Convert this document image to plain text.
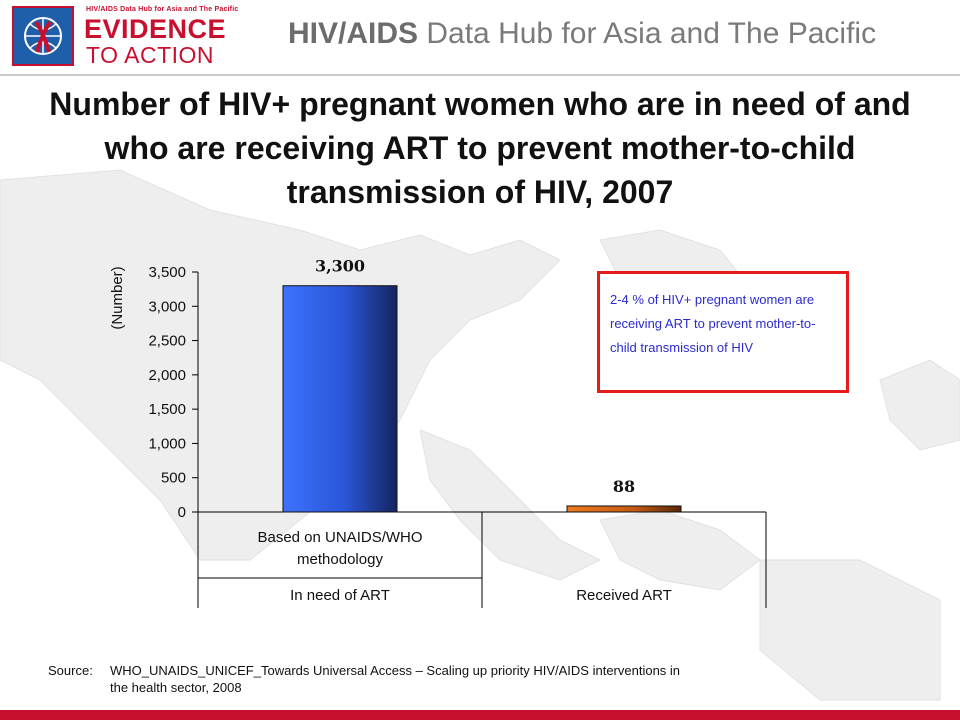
HIV/AIDS Data Hub for Asia and The Pacific
EVIDENCE
TO ACTION
HIV/AIDS Data Hub for Asia and The Pacific
Number of HIV+ pregnant women who are in need of and who are receiving ART to prevent mother-to-child transmission of HIV, 2007
0
500
1,000
1,500
2,000
2,500
3,000
3,500
(Number)
3,300
In need of ART
88
Received ART
Based on UNAIDS/WHO
methodology
2-4 % of HIV+ pregnant women are receiving ART to prevent mother-to-child transmission of HIV
Source: WHO_UNAIDS_UNICEF_Towards Universal Access – Scaling up priority HIV/AIDS interventions in
the health sector, 2008
